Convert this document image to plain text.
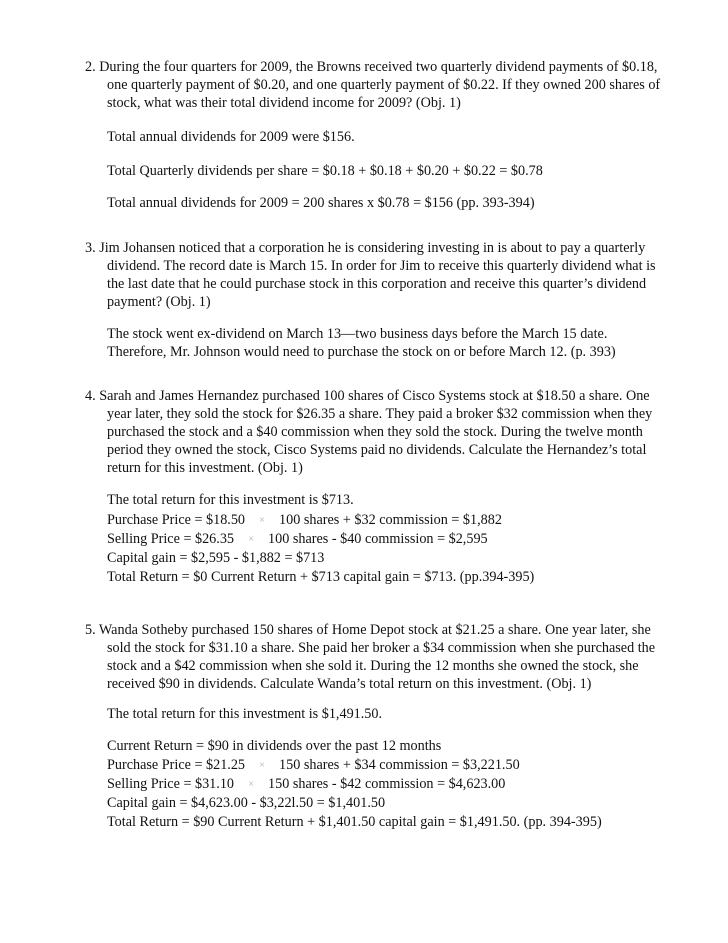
2. During the four quarters for 2009, the Browns received two quarterly dividend payments of $0.18,
one quarterly payment of $0.20, and one quarterly payment of $0.22. If they owned 200 shares of
stock, what was their total dividend income for 2009? (Obj. 1)
Total annual dividends for 2009 were $156.
Total Quarterly dividends per share = $0.18 + $0.18 + $0.20 + $0.22 = $0.78
Total annual dividends for 2009 = 200 shares x $0.78 = $156 (pp. 393-394)
3. Jim Johansen noticed that a corporation he is considering investing in is about to pay a quarterly
dividend. The record date is March 15. In order for Jim to receive this quarterly dividend what is
the last date that he could purchase stock in this corporation and receive this quarter’s dividend
payment? (Obj. 1)
The stock went ex-dividend on March 13—two business days before the March 15 date.
Therefore, Mr. Johnson would need to purchase the stock on or before March 12. (p. 393)
4. Sarah and James Hernandez purchased 100 shares of Cisco Systems stock at $18.50 a share. One
year later, they sold the stock for $26.35 a share. They paid a broker $32 commission when they
purchased the stock and a $40 commission when they sold the stock. During the twelve month
period they owned the stock, Cisco Systems paid no dividends. Calculate the Hernandez’s total
return for this investment. (Obj. 1)
The total return for this investment is $713.
Purchase Price = $18.50 × 100 shares + $32 commission = $1,882
Selling Price = $26.35 × 100 shares - $40 commission = $2,595
Capital gain = $2,595 - $1,882 = $713
Total Return = $0 Current Return + $713 capital gain = $713. (pp.394-395)
5. Wanda Sotheby purchased 150 shares of Home Depot stock at $21.25 a share. One year later, she
sold the stock for $31.10 a share. She paid her broker a $34 commission when she purchased the
stock and a $42 commission when she sold it. During the 12 months she owned the stock, she
received $90 in dividends. Calculate Wanda’s total return on this investment. (Obj. 1)
The total return for this investment is $1,491.50.
Current Return = $90 in dividends over the past 12 months
Purchase Price = $21.25 × 150 shares + $34 commission = $3,221.50
Selling Price = $31.10 × 150 shares - $42 commission = $4,623.00
Capital gain = $4,623.00 - $3,22l.50 = $1,401.50
Total Return = $90 Current Return + $1,401.50 capital gain = $1,491.50. (pp. 394-395)
